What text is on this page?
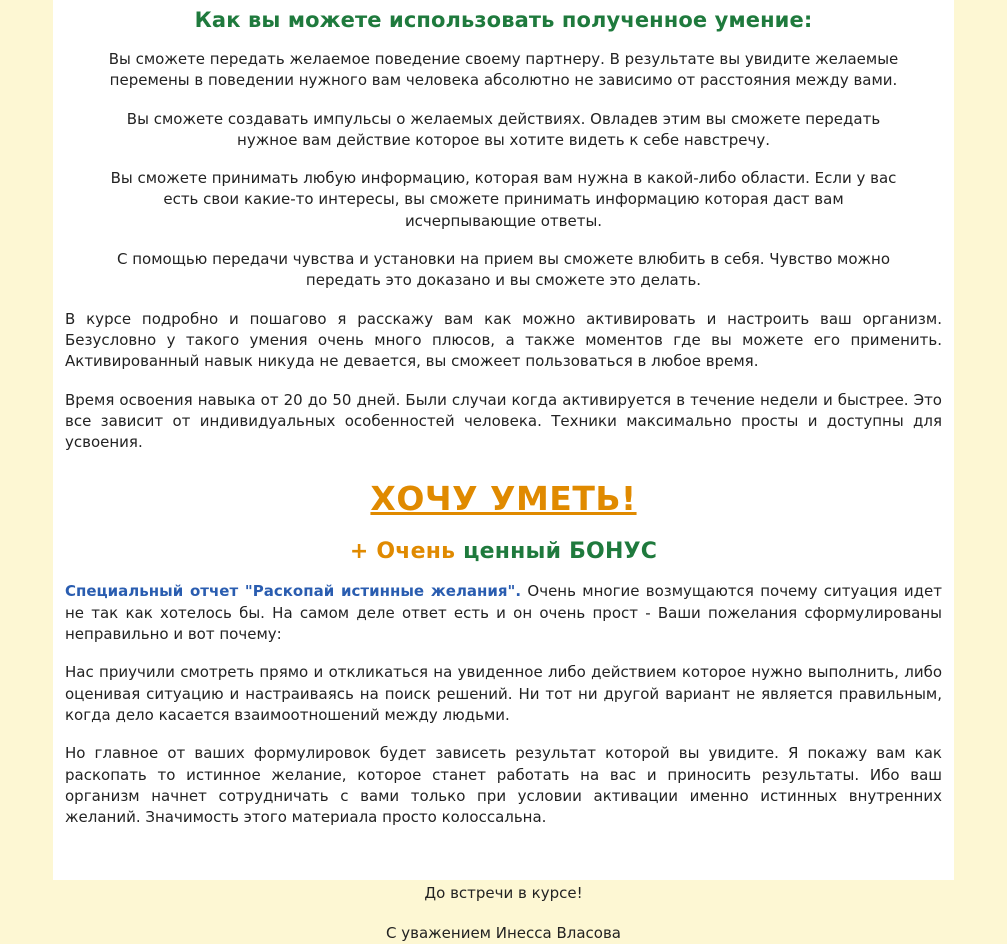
Как вы можете использовать полученное умение:

Вы сможете передать желаемое поведение своему партнеру. В результате вы увидите желаемые перемены в поведении нужного вам человека абсолютно не зависимо от расстояния между вами.

Вы сможете создавать импульсы о желаемых действиях. Овладев этим вы сможете передать нужное вам действие которое вы хотите видеть к себе навстречу.

Вы сможете принимать любую информацию, которая вам нужна в какой-либо области. Если у вас есть свои какие-то интересы, вы сможете принимать информацию которая даст вам исчерпывающие ответы.

С помощью передачи чувства и установки на прием вы сможете влюбить в себя. Чувство можно передать это доказано и вы сможете это делать.

В курсе подробно и пошагово я расскажу вам как можно активировать и настроить ваш организм. Безусловно у такого умения очень много плюсов, а также моментов где вы можете его применить. Активированный навык никуда не девается, вы сможеет пользоваться в любое время.

Время освоения навыка от 20 до 50 дней. Были случаи когда активируется в течение недели и быстрее. Это все зависит от индивидуальных особенностей человека. Техники максимально просты и доступны для усвоения.

ХОЧУ УМЕТЬ!
+ Очень ценный БОНУС

Специальный отчет "Раскопай истинные желания". Очень многие возмущаются почему ситуация идет не так как хотелось бы. На самом деле ответ есть и он очень прост - Ваши пожелания сформулированы неправильно и вот почему:

Нас приучили смотреть прямо и откликаться на увиденное либо действием которое нужно выполнить, либо оценивая ситуацию и настраиваясь на поиск решений. Ни тот ни другой вариант не является правильным, когда дело касается взаимоотношений между людьми.

Но главное от ваших формулировок будет зависеть результат которой вы увидите. Я покажу вам как раскопать то истинное желание, которое станет работать на вас и приносить результаты. Ибо ваш организм начнет сотрудничать с вами только при условии активации именно истинных внутренних желаний. Значимость этого материала просто колоссальна.

До встречи в курсе!

С уважением Инесса Власова
